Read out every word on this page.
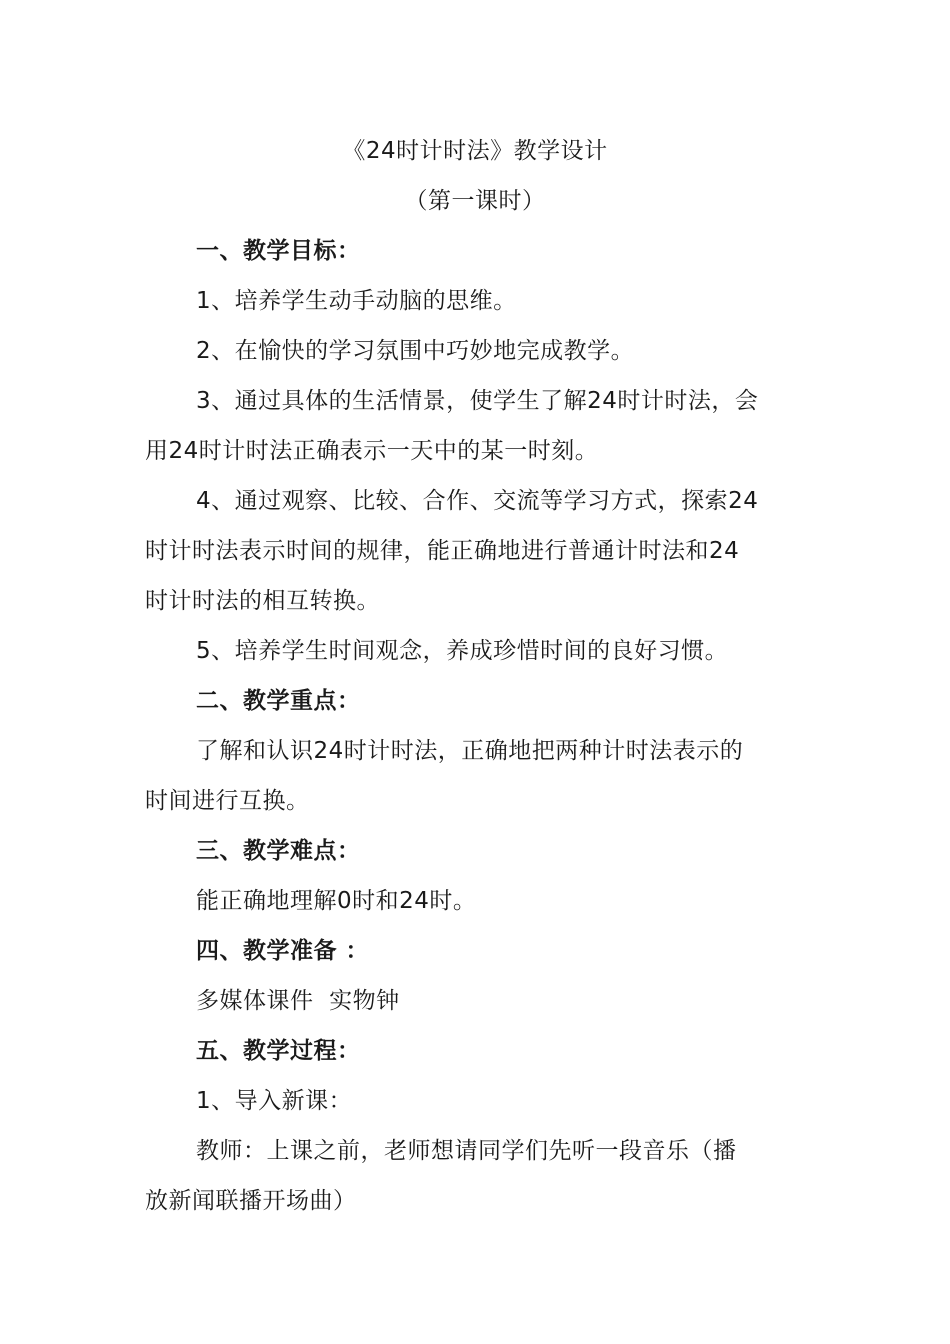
《24时计时法》教学设计
（第一课时）
一、教学目标：
1、培养学生动手动脑的思维。
2、在愉快的学习氛围中巧妙地完成教学。
3、通过具体的生活情景，使学生了解24时计时法，会
用24时计时法正确表示一天中的某一时刻。
4、通过观察、比较、合作、交流等学习方式，探索24
时计时法表示时间的规律，能正确地进行普通计时法和24
时计时法的相互转换。
5、培养学生时间观念，养成珍惜时间的良好习惯。
二、教学重点：
了解和认识24时计时法，正确地把两种计时法表示的
时间进行互换。
三、教学难点：
能正确地理解0时和24时。
四、教学准备 ：
多媒体课件  实物钟
五、教学过程：
1、导入新课：
教师：上课之前，老师想请同学们先听一段音乐（播
放新闻联播开场曲）
